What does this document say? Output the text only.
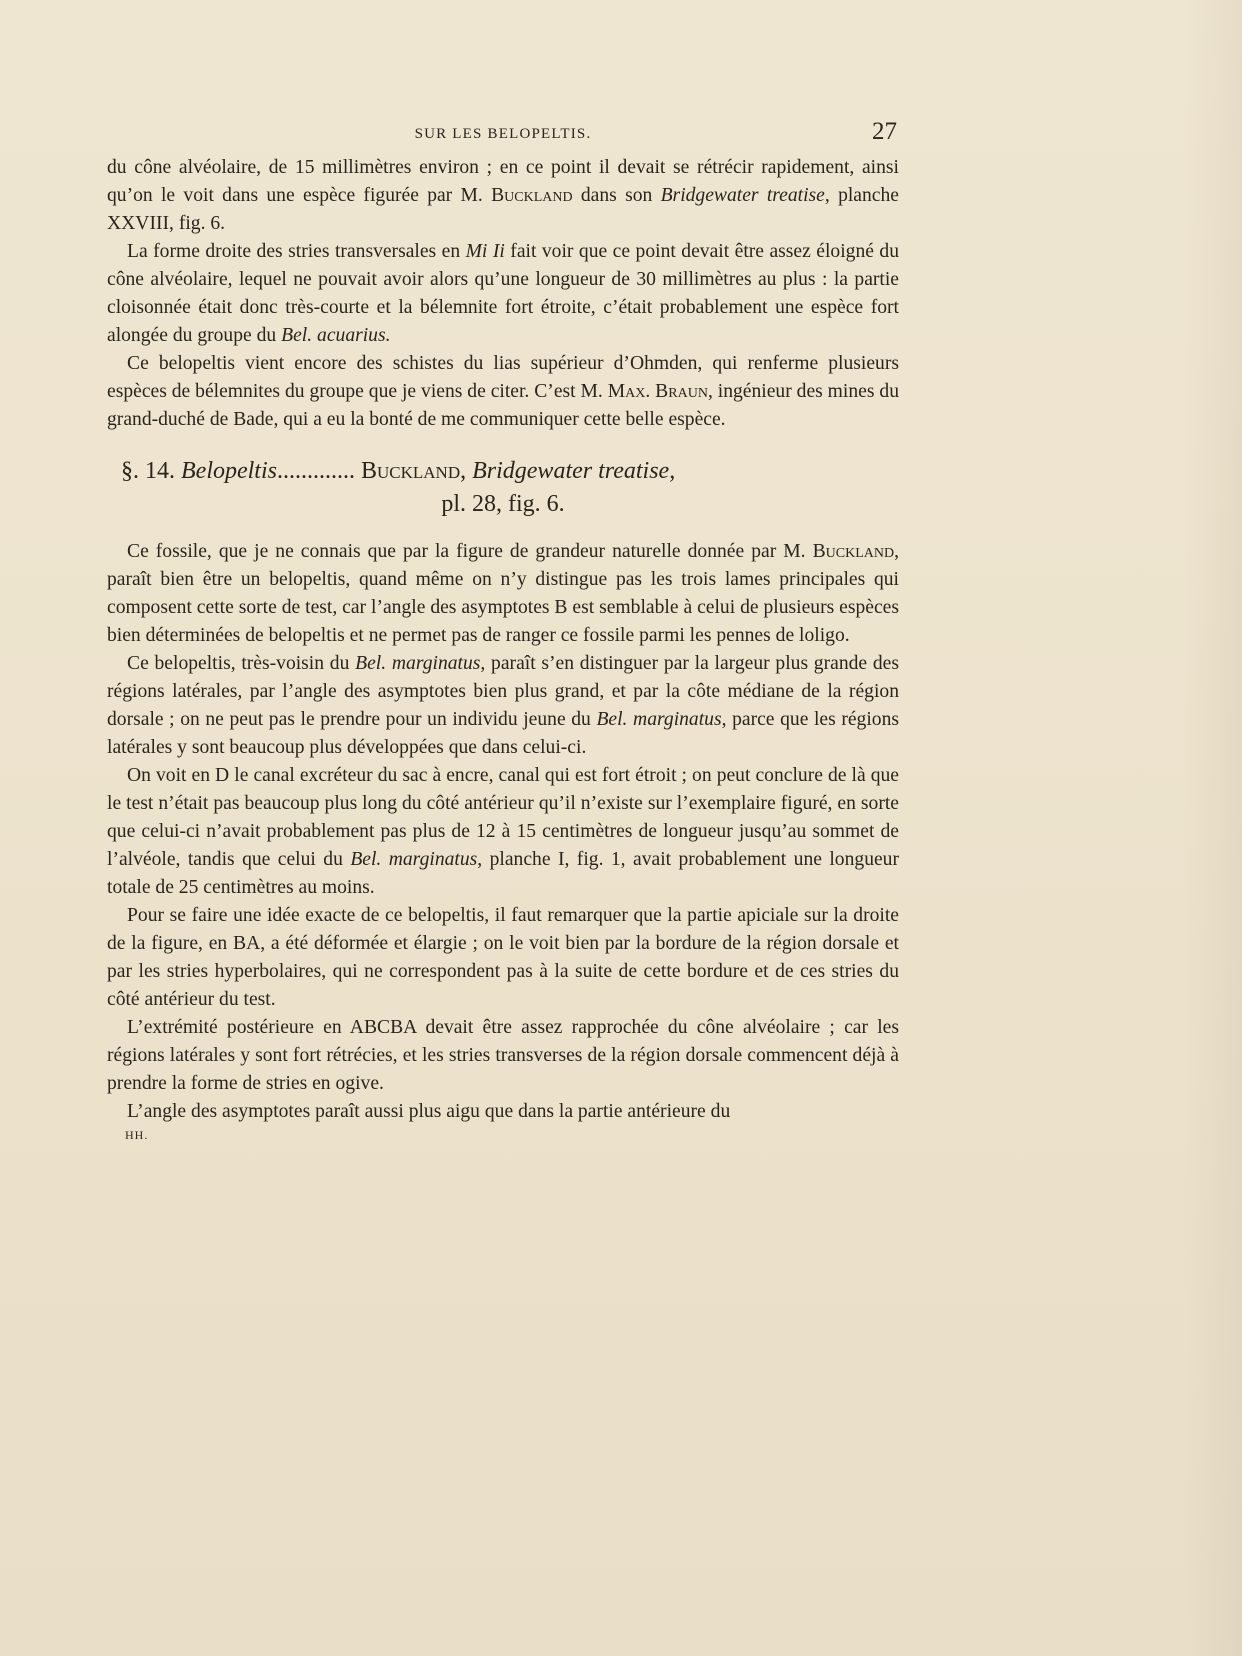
SUR LES BELOPELTIS.	27

du cône alvéolaire, de 15 millimètres environ ; en ce point il devait se rétrécir rapidement, ainsi qu’on le voit dans une espèce figurée par M. Buckland dans son Bridgewater treatise, planche XXVIII, fig. 6.

La forme droite des stries transversales en Mi Ii fait voir que ce point devait être assez éloigné du cône alvéolaire, lequel ne pouvait avoir alors qu’une longueur de 30 millimètres au plus : la partie cloisonnée était donc très-courte et la bélemnite fort étroite, c’était probablement une espèce fort alongée du groupe du Bel. acuarius.

Ce belopeltis vient encore des schistes du lias supérieur d’Ohmden, qui renferme plusieurs espèces de bélemnites du groupe que je viens de citer. C’est M. Max. Braun, ingénieur des mines du grand-duché de Bade, qui a eu la bonté de me communiquer cette belle espèce.

§. 14. Belopeltis............. Buckland, Bridgewater treatise,
pl. 28, fig. 6.

Ce fossile, que je ne connais que par la figure de grandeur naturelle donnée par M. Buckland, paraît bien être un belopeltis, quand même on n’y distingue pas les trois lames principales qui composent cette sorte de test, car l’angle des asymptotes B est semblable à celui de plusieurs espèces bien déterminées de belopeltis et ne permet pas de ranger ce fossile parmi les pennes de loligo.

Ce belopeltis, très-voisin du Bel. marginatus, paraît s’en distinguer par la largeur plus grande des régions latérales, par l’angle des asymptotes bien plus grand, et par la côte médiane de la région dorsale ; on ne peut pas le prendre pour un individu jeune du Bel. marginatus, parce que les régions latérales y sont beaucoup plus développées que dans celui-ci.

On voit en D le canal excréteur du sac à encre, canal qui est fort étroit ; on peut conclure de là que le test n’était pas beaucoup plus long du côté antérieur qu’il n’existe sur l’exemplaire figuré, en sorte que celui-ci n’avait probablement pas plus de 12 à 15 centimètres de longueur jusqu’au sommet de l’alvéole, tandis que celui du Bel. marginatus, planche I, fig. 1, avait probablement une longueur totale de 25 centimètres au moins.

Pour se faire une idée exacte de ce belopeltis, il faut remarquer que la partie apiciale sur la droite de la figure, en BA, a été déformée et élargie ; on le voit bien par la bordure de la région dorsale et par les stries hyperbolaires, qui ne correspondent pas à la suite de cette bordure et de ces stries du côté antérieur du test.

L’extrémité postérieure en ABCBA devait être assez rapprochée du cône alvéolaire ; car les régions latérales y sont fort rétrécies, et les stries transverses de la région dorsale commencent déjà à prendre la forme de stries en ogive.

L’angle des asymptotes paraît aussi plus aigu que dans la partie antérieure du

HH.
